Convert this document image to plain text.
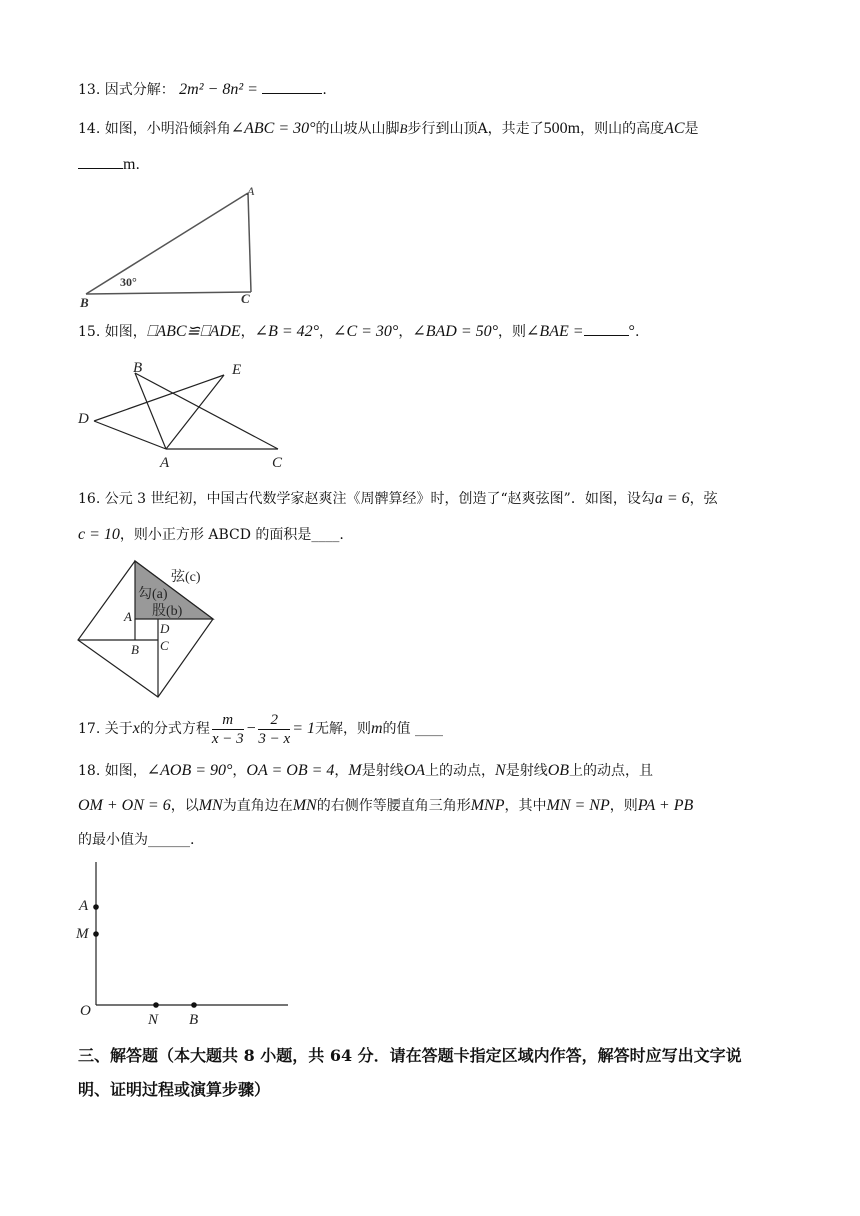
13. 因式分解： 2m² − 8n² =	.
14. 如图，小明沿倾斜角∠ABC = 30°的山坡从山脚B步行到山顶A，共走了500m，则山的高度AC是
m.
A
B	C
30°
15. 如图，⎕ABC≌⎕ADE，∠B = 42°，∠C = 30°，∠BAD = 50°，则∠BAE =	°.
B	E
D
A	C
16. 公元 3 世纪初，中国古代数学家赵爽注《周髀算经》时，创造了“赵爽弦图”．如图，设勾a = 6，弦
c = 10，则小正方形 ABCD 的面积是____.
弦(c)
勾(a)
股(b)
A
D
C
B
17. 关于x的分式方程 $\frac{m}{x - 3} - \frac{2}{3 - x} = 1$无解，则m的值 ____
18. 如图，∠AOB = 90°，OA = OB = 4，M是射线OA上的动点，N是射线OB上的动点，且
OM + ON = 6，以MN为直角边在MN的右侧作等腰直角三角形MNP，其中MN = NP，则PA + PB
的最小值为______.
A
M
O
N B
三、解答题（本大题共 8 小题，共 64 分．请在答题卡指定区域内作答，解答时应写出文字说
明、证明过程或演算步骤）
